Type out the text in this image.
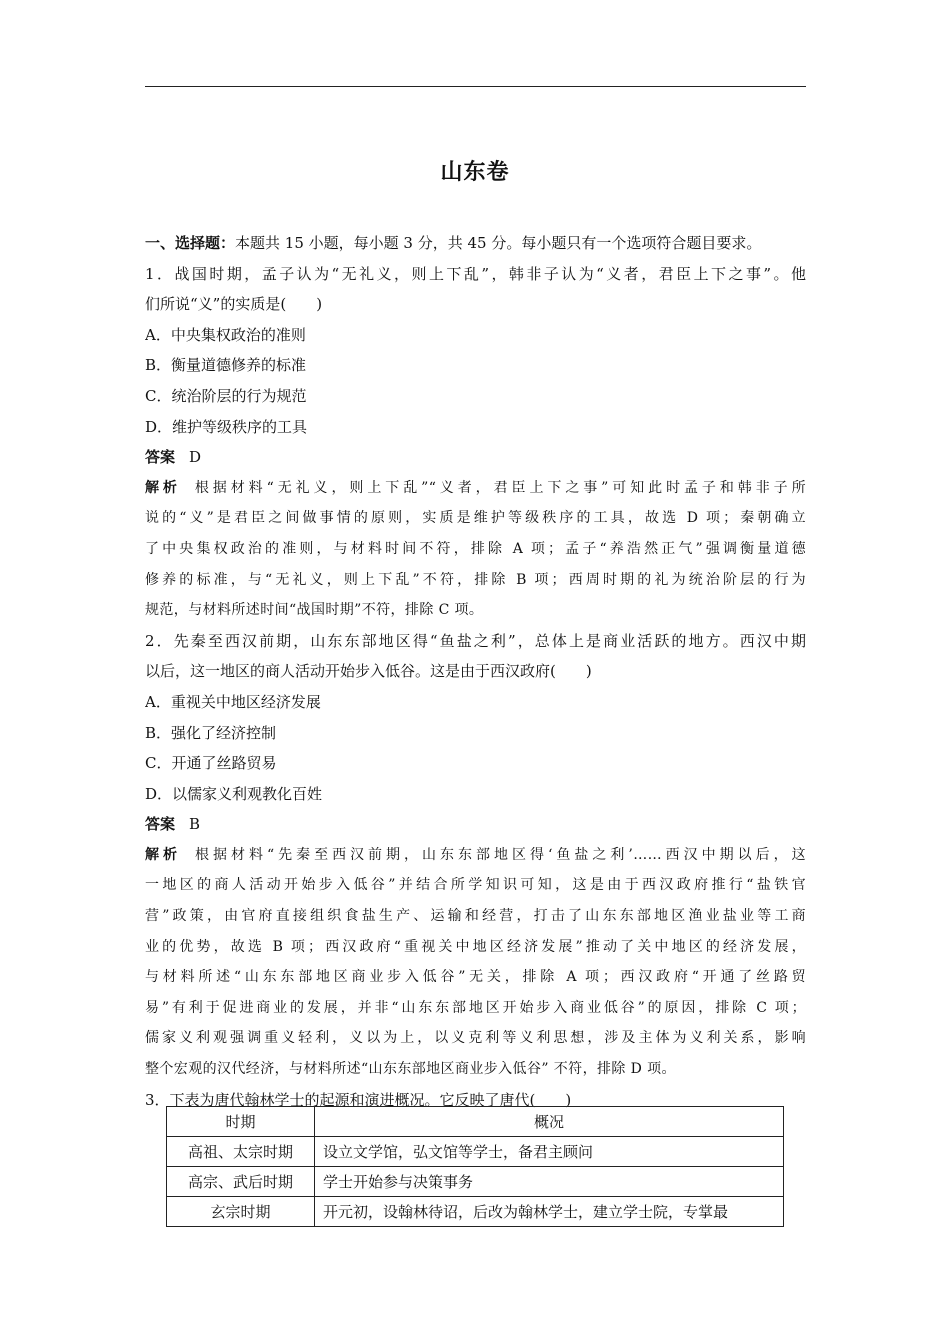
山东卷
一、选择题：本题共 15 小题，每小题 3 分，共 45 分。每小题只有一个选项符合题目要求。
1．战国时期，孟子认为“无礼义，则上下乱”，韩非子认为“义者，君臣上下之事”。他
们所说“义”的实质是(　　)
A．中央集权政治的准则
B．衡量道德修养的标准
C．统治阶层的行为规范
D．维护等级秩序的工具
答案 D
解析 根据材料“无礼义，则上下乱”“义者，君臣上下之事”可知此时孟子和韩非子所
说的“义”是君臣之间做事情的原则，实质是维护等级秩序的工具，故选 D 项；秦朝确立
了中央集权政治的准则，与材料时间不符，排除 A 项；孟子“养浩然正气”强调衡量道德
修养的标准，与“无礼义，则上下乱”不符，排除 B 项；西周时期的礼为统治阶层的行为
规范，与材料所述时间“战国时期”不符，排除 C 项。
2．先秦至西汉前期，山东东部地区得“鱼盐之利”，总体上是商业活跃的地方。西汉中期
以后，这一地区的商人活动开始步入低谷。这是由于西汉政府(　　)
A．重视关中地区经济发展
B．强化了经济控制
C．开通了丝路贸易
D．以儒家义利观教化百姓
答案 B
解析 根据材料“先秦至西汉前期，山东东部地区得‘鱼盐之利’……西汉中期以后，这
一地区的商人活动开始步入低谷”并结合所学知识可知，这是由于西汉政府推行“盐铁官
营”政策，由官府直接组织食盐生产、运输和经营，打击了山东东部地区渔业盐业等工商
业的优势，故选 B 项；西汉政府“重视关中地区经济发展”推动了关中地区的经济发展，
与材料所述“山东东部地区商业步入低谷”无关，排除 A 项；西汉政府“开通了丝路贸
易”有利于促进商业的发展，并非“山东东部地区开始步入商业低谷”的原因，排除 C 项；
儒家义利观强调重义轻利，义以为上，以义克利等义利思想，涉及主体为义利关系，影响
整个宏观的汉代经济，与材料所述“山东东部地区商业步入低谷” 不符，排除 D 项。
3．下表为唐代翰林学士的起源和演进概况。它反映了唐代(　　)
时期	概况
高祖、太宗时期	设立文学馆，弘文馆等学士，备君主顾问
高宗、武后时期	学士开始参与决策事务
玄宗时期	开元初，设翰林待诏，后改为翰林学士，建立学士院，专掌最
